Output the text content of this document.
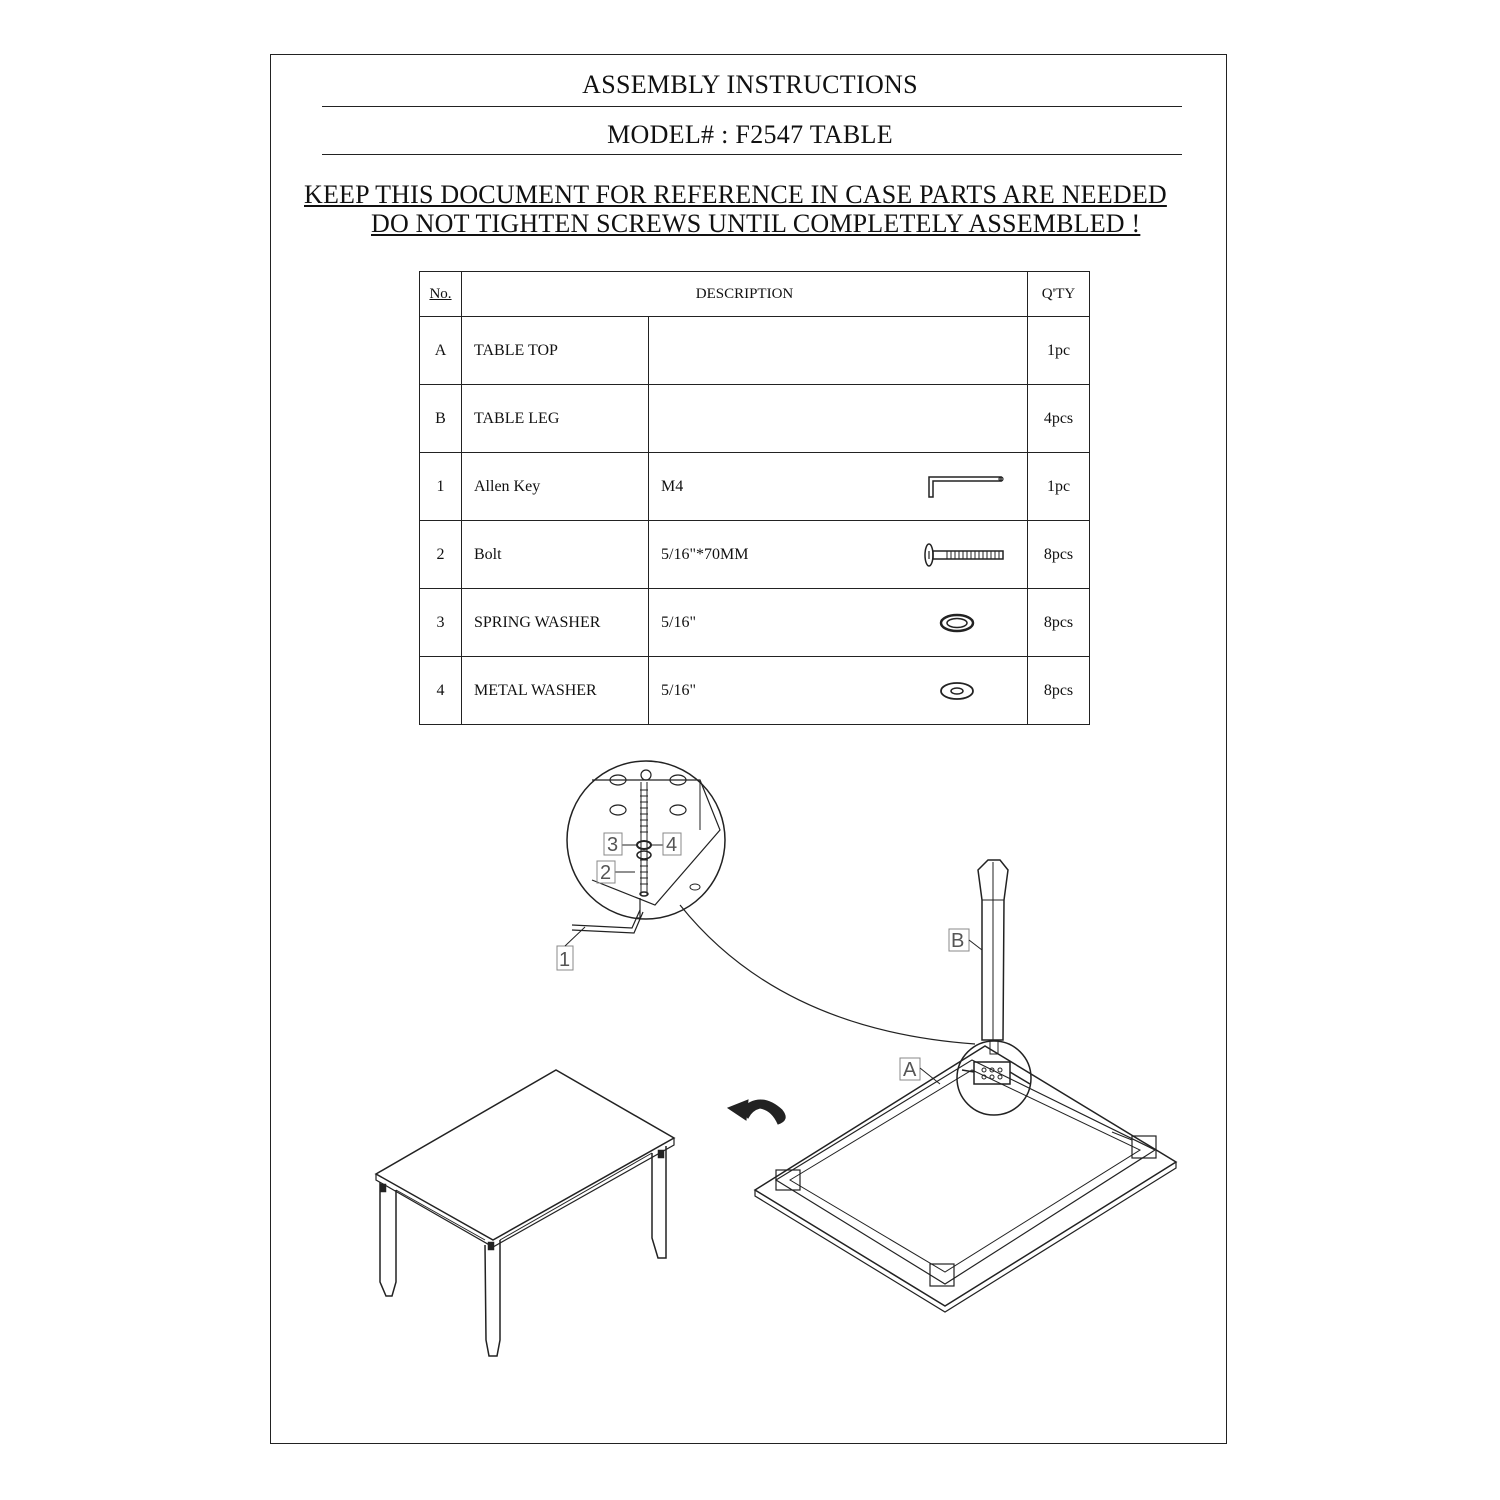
ASSEMBLY INSTRUCTIONS
MODEL# : F2547 TABLE
KEEP THIS DOCUMENT FOR REFERENCE IN CASE PARTS ARE NEEDED
DO NOT TIGHTEN SCREWS UNTIL COMPLETELY ASSEMBLED !
No.	DESCRIPTION		Q'TY
A	TABLE TOP		1pc
B	TABLE LEG		4pcs
1	Allen Key	M4	1pc
2	Bolt	5/16"*70MM	8pcs
3	SPRING WASHER	5/16"	8pcs
4	METAL WASHER	5/16"	8pcs
3 4
2
1
B
A
